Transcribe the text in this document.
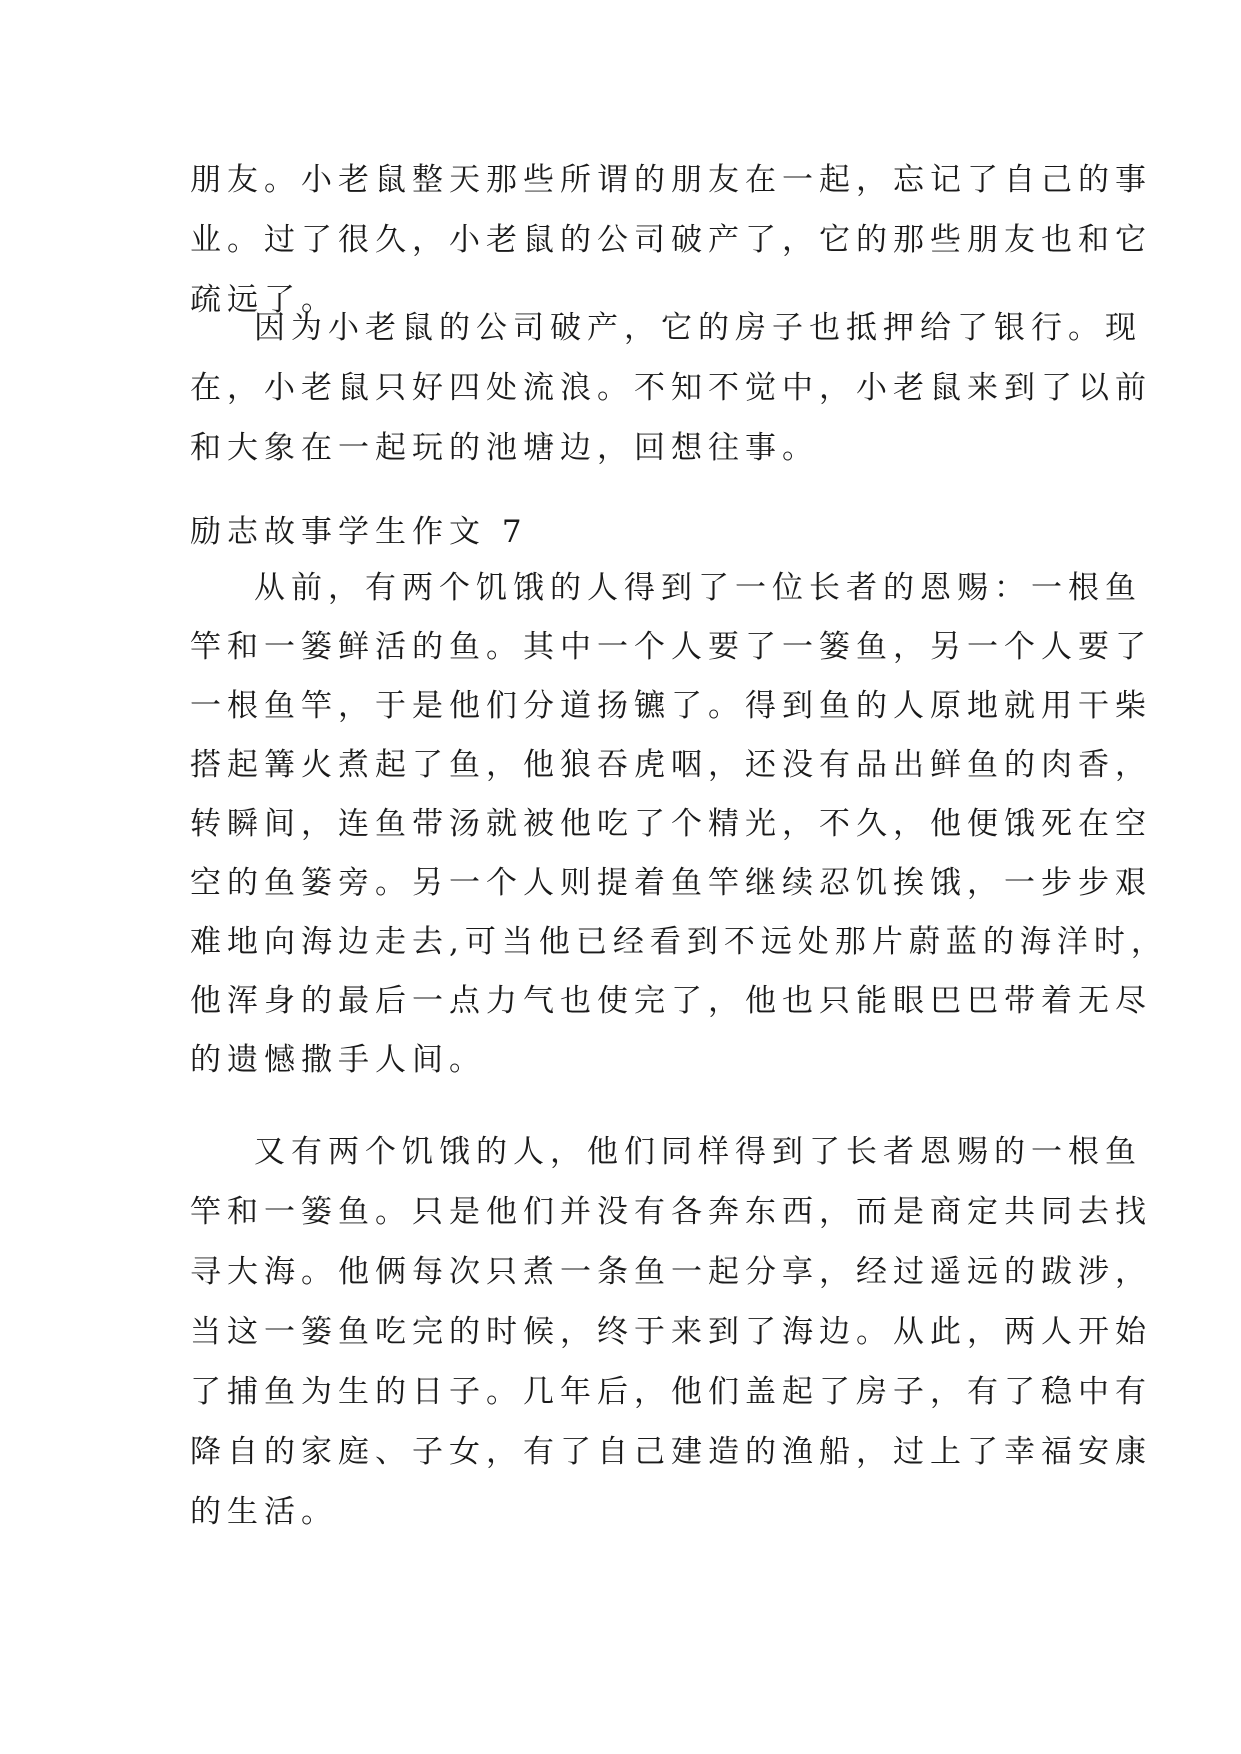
朋友。小老鼠整天那些所谓的朋友在一起，忘记了自己的事
业。过了很久，小老鼠的公司破产了，它的那些朋友也和它
疏远了。
因为小老鼠的公司破产，它的房子也抵押给了银行。现
在，小老鼠只好四处流浪。不知不觉中，小老鼠来到了以前
和大象在一起玩的池塘边，回想往事。
励志故事学生作文 7
从前，有两个饥饿的人得到了一位长者的恩赐：一根鱼
竿和一篓鲜活的鱼。其中一个人要了一篓鱼，另一个人要了
一根鱼竿，于是他们分道扬镳了。得到鱼的人原地就用干柴
搭起篝火煮起了鱼，他狼吞虎咽，还没有品出鲜鱼的肉香，
转瞬间，连鱼带汤就被他吃了个精光，不久，他便饿死在空
空的鱼篓旁。另一个人则提着鱼竿继续忍饥挨饿，一步步艰
难地向海边走去,可当他已经看到不远处那片蔚蓝的海洋时，
他浑身的最后一点力气也使完了，他也只能眼巴巴带着无尽
的遗憾撒手人间。
又有两个饥饿的人，他们同样得到了长者恩赐的一根鱼
竿和一篓鱼。只是他们并没有各奔东西，而是商定共同去找
寻大海。他俩每次只煮一条鱼一起分享，经过遥远的跋涉，
当这一篓鱼吃完的时候，终于来到了海边。从此，两人开始
了捕鱼为生的日子。几年后，他们盖起了房子，有了稳中有
降自的家庭、子女，有了自己建造的渔船，过上了幸福安康
的生活。
